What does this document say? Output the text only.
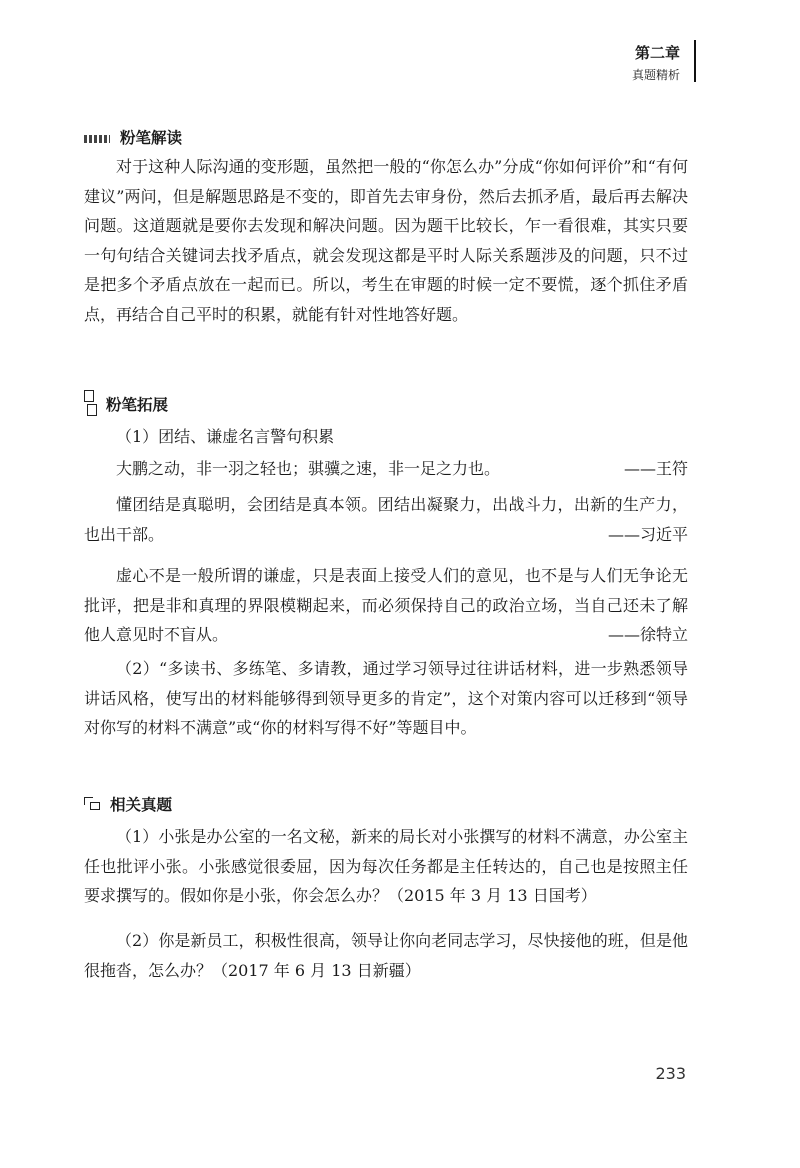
第二章
真题精析
粉笔解读
对于这种人际沟通的变形题，虽然把一般的“你怎么办”分成“你如何评价”和“有何建议”两问，但是解题思路是不变的，即首先去审身份，然后去抓矛盾，最后再去解决问题。这道题就是要你去发现和解决问题。因为题干比较长，乍一看很难，其实只要一句句结合关键词去找矛盾点，就会发现这都是平时人际关系题涉及的问题，只不过是把多个矛盾点放在一起而已。所以，考生在审题的时候一定不要慌，逐个抓住矛盾点，再结合自己平时的积累，就能有针对性地答好题。
粉笔拓展
（1）团结、谦虚名言警句积累
大鹏之动，非一羽之轻也；骐骥之速，非一足之力也。	——王符
懂团结是真聪明，会团结是真本领。团结出凝聚力，出战斗力，出新的生产力，也出干部。	——习近平
虚心不是一般所谓的谦虚，只是表面上接受人们的意见，也不是与人们无争论无批评，把是非和真理的界限模糊起来，而必须保持自己的政治立场，当自己还未了解他人意见时不盲从。	——徐特立
（2）“多读书、多练笔、多请教，通过学习领导过往讲话材料，进一步熟悉领导讲话风格，使写出的材料能够得到领导更多的肯定”，这个对策内容可以迁移到“领导对你写的材料不满意”或“你的材料写得不好”等题目中。
相关真题
（1）小张是办公室的一名文秘，新来的局长对小张撰写的材料不满意，办公室主任也批评小张。小张感觉很委屈，因为每次任务都是主任转达的，自己也是按照主任要求撰写的。假如你是小张，你会怎么办？（2015 年 3 月 13 日国考）
（2）你是新员工，积极性很高，领导让你向老同志学习，尽快接他的班，但是他很拖沓，怎么办？（2017 年 6 月 13 日新疆）
233
